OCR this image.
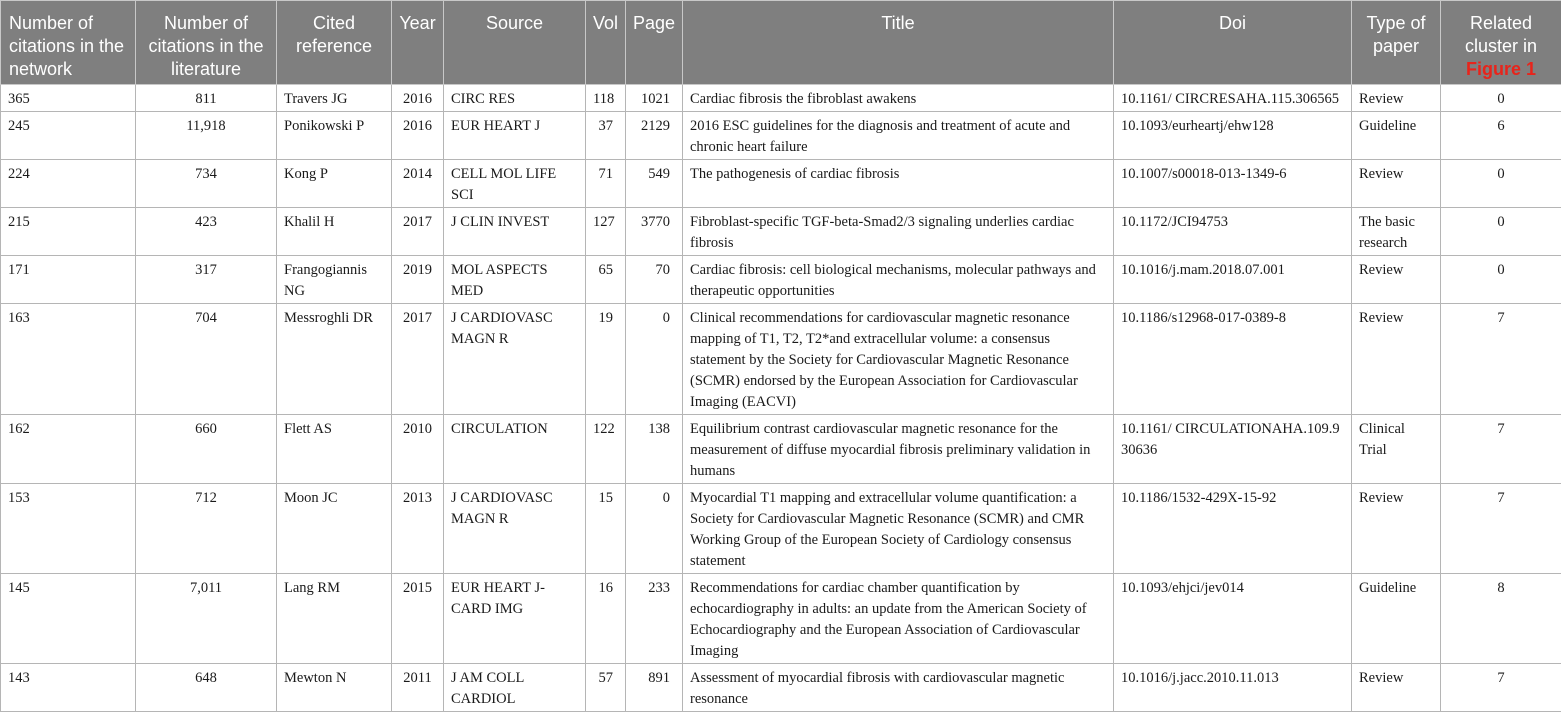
Number of citations in the network	Number of citations in the literature	Cited reference	Year	Source	Vol	Page	Title	Doi	Type of paper	Related cluster in
Figure 1
365	811	Travers JG	2016	CIRC RES	118	1021	Cardiac fibrosis the fibroblast awakens	10.1161/ CIRCRESAHA.115.306565	Review	0
245	11,918	Ponikowski P	2016	EUR HEART J	37	2129	2016 ESC guidelines for the diagnosis and treatment of acute and chronic heart failure	10.1093/eurheartj/ehw128	Guideline	6
224	734	Kong P	2014	CELL MOL LIFE SCI	71	549	The pathogenesis of cardiac fibrosis	10.1007/s00018-013-1349-6	Review	0
215	423	Khalil H	2017	J CLIN INVEST	127	3770	Fibroblast-specific TGF-beta-Smad2/3 signaling underlies cardiac fibrosis	10.1172/JCI94753	The basic research	0
171	317	Frangogiannis NG	2019	MOL ASPECTS MED	65	70	Cardiac fibrosis: cell biological mechanisms, molecular pathways and therapeutic opportunities	10.1016/j.mam.2018.07.001	Review	0
163	704	Messroghli DR	2017	J CARDIOVASC MAGN R	19	0	Clinical recommendations for cardiovascular magnetic resonance mapping of T1, T2, T2*and extracellular volume: a consensus statement by the Society for Cardiovascular Magnetic Resonance (SCMR) endorsed by the European Association for Cardiovascular Imaging (EACVI)	10.1186/s12968-017-0389-8	Review	7
162	660	Flett AS	2010	CIRCULATION	122	138	Equilibrium contrast cardiovascular magnetic resonance for the measurement of diffuse myocardial fibrosis preliminary validation in humans	10.1161/ CIRCULATIONAHA.109.930636	Clinical Trial	7
153	712	Moon JC	2013	J CARDIOVASC MAGN R	15	0	Myocardial T1 mapping and extracellular volume quantification: a Society for Cardiovascular Magnetic Resonance (SCMR) and CMR Working Group of the European Society of Cardiology consensus statement	10.1186/1532-429X-15-92	Review	7
145	7,011	Lang RM	2015	EUR HEART J-CARD IMG	16	233	Recommendations for cardiac chamber quantification by echocardiography in adults: an update from the American Society of Echocardiography and the European Association of Cardiovascular Imaging	10.1093/ehjci/jev014	Guideline	8
143	648	Mewton N	2011	J AM COLL CARDIOL	57	891	Assessment of myocardial fibrosis with cardiovascular magnetic resonance	10.1016/j.jacc.2010.11.013	Review	7
